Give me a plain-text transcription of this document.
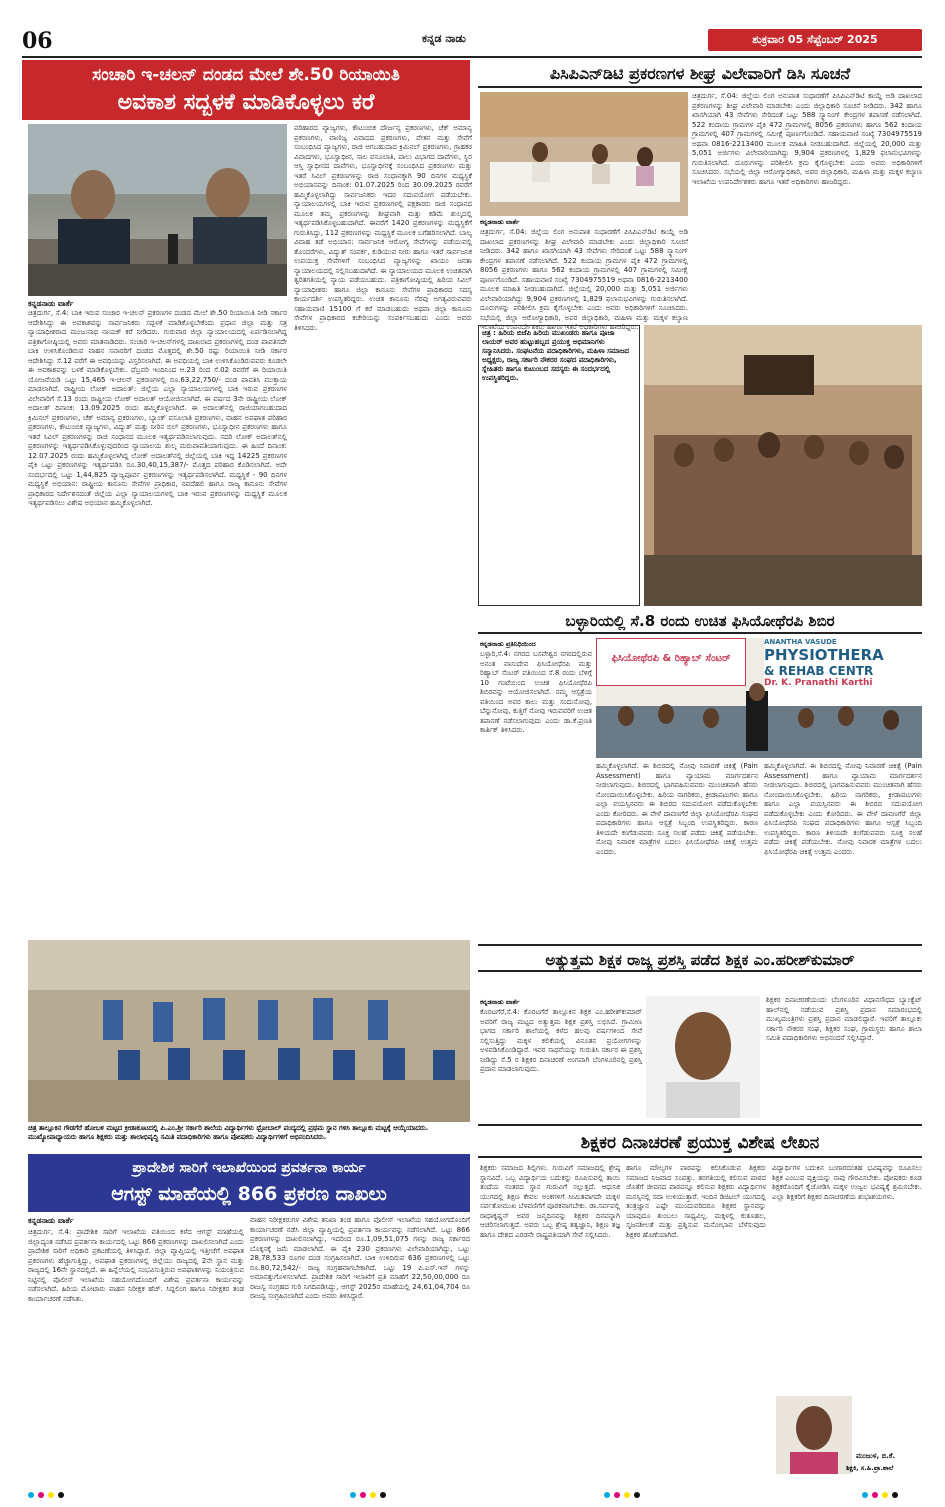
06	ಕನ್ನಡ ನಾಡು	ಶುಕ್ರವಾರ 05 ಸೆಪ್ಟೆಂಬರ್ 2025
ಸಂಚಾರಿ ಇ-ಚಲನ್ ದಂಡದ ಮೇಲೆ ಶೇ.50 ರಿಯಾಯಿತಿ
ಅವಕಾಶ ಸದ್ಬಳಕೆ ಮಾಡಿಕೊಳ್ಳಲು ಕರೆ
ಕನ್ನಡನಾಡು ವಾರ್ತೆ
ಚಿತ್ರದುರ್ಗ, ಸೆ.4: ಬಾಕಿ ಇರುವ ಸಂಚಾರ ಇ-ಚಲನ್ ಪ್ರಕರಣಗಳ ದಂಡದ ಮೇಲೆ ಶೇ.50 ರಿಯಾಯಿತಿ ನೀಡಿ ಸರ್ಕಾರ ಆದೇಶಿಸಿದ್ದು ಈ ಅವಕಾಶವನ್ನು ಸಾರ್ವಜನಿಕರು ಸದ್ಬಳಕೆ ಮಾಡಿಕೊಳ್ಳಬೇಕೆಂದು ಪ್ರಧಾನ ಜಿಲ್ಲಾ ಮತ್ತು ಸತ್ರ ನ್ಯಾಯಾಧೀಶರಾದ ಮಂಜುನಾಥ ನಾಯಕ್ ಕರೆ ನೀಡಿದರು. ಗುರುವಾರ ಜಿಲ್ಲಾ ನ್ಯಾಯಾಲಯದಲ್ಲಿ ಏರ್ಪಡಿಸಲಾಗಿದ್ದ ಪತ್ರಿಕಾಗೋಷ್ಠಿಯಲ್ಲಿ ಅವರು ಮಾತನಾಡಿದರು. ಸಂಚಾರಿ ಇ-ಚಲನ್‍ಗಳಲ್ಲಿ ದಾಖಲಾದ ಪ್ರಕರಣಗಳಲ್ಲಿ ದಂಡ ಪಾವತಿಸದೇ ಬಾಕಿ ಉಳಿಸಿಕೊಂಡಿರುವ ವಾಹನ ಸವಾರರಿಗೆ ದಂಡದ ಮೊತ್ತದಲ್ಲಿ ಶೇ.50 ರಷ್ಟು ರಿಯಾಯಿತಿ ನೀಡಿ ಸರ್ಕಾರ ಆದೇಶಿಸಿದ್ದು ಸೆ.12 ವರೆಗೆ ಈ ಅವಧಿಯನ್ನು ವಿಸ್ತರಿಸಲಾಗಿದೆ. ಈ ಅವಧಿಯಲ್ಲಿ ಬಾಕಿ ಉಳಿಸಿಕೊಂಡಿರುವವರು ಕೂಡಲೇ ಈ ಅವಕಾಶವನ್ನು ಬಳಕೆ ಮಾಡಿಕೊಳ್ಳಬೇಕು. ಫೆಬ್ರವರಿ ಇಂದಿನಿಂದ ಆ.23 ರಿಂದ ಸೆ.02 ರವರೆಗೆ ಈ ರಿಯಾಯಿತಿ ಯೋಜನೆಯಡಿ ಒಟ್ಟು 15,465 ಇ-ಚಲನ್ ಪ್ರಕರಣಗಳಲ್ಲಿ ರೂ.63,22,750/- ದಂಡ ಪಾವತಿಸಿ ಮುಕ್ತಾಯ ಮಾಡಲಾಗಿದೆ. ರಾಷ್ಟ್ರೀಯ ಲೋಕ್ ಅದಾಲತ್: ಜಿಲ್ಲೆಯ ಎಲ್ಲಾ ನ್ಯಾಯಾಲಯಗಳಲ್ಲಿ ಬಾಕಿ ಇರುವ ಪ್ರಕರಣಗಳ ವಿಲೇವಾರಿಗೆ ಸೆ.13 ರಂದು ರಾಷ್ಟ್ರೀಯ ಲೋಕ್ ಅದಾಲತ್ ಆಯೋಜಿಸಲಾಗಿದೆ. ಈ ವರ್ಷದ 3ನೇ ರಾಷ್ಟ್ರೀಯ ಲೋಕ್ ಅದಾಲತ್ ದಿನಾಂಕ: 13.09.2025 ರಂದು ಹಮ್ಮಿಕೊಳ್ಳಲಾಗಿದೆ. ಈ ಅದಾಲತ್‍ನಲ್ಲಿ ರಾಜಿಯಾಗಬಹುದಾದ ಕ್ರಿಮಿನಲ್ ಪ್ರಕರಣಗಳು, ಚೆಕ್ ಅಮಾನ್ಯ ಪ್ರಕರಣಗಳು, ಬ್ಯಾಂಕ್ ವಸೂಲಾತಿ ಪ್ರಕರಣಗಳು, ವಾಹನ ಅಪಘಾತ ಪರಿಹಾರ ಪ್ರಕರಣಗಳು, ಕೌಟುಂಬಿಕ ವ್ಯಾಜ್ಯಗಳು, ವಿದ್ಯುತ್ ಮತ್ತು ನೀರಿನ ಬಿಲ್ ಪ್ರಕರಣಗಳು, ಭೂಸ್ವಾಧೀನ ಪ್ರಕರಣಗಳು ಹಾಗೂ ಇತರೆ ಸಿವಿಲ್ ಪ್ರಕರಣಗಳನ್ನು ರಾಜಿ ಸಂಧಾನದ ಮೂಲಕ ಇತ್ಯರ್ಥಪಡಿಸಲಾಗುವುದು. ಸದರಿ ಲೋಕ್ ಅದಾಲತ್‍ನಲ್ಲಿ ಪ್ರಕರಣಗಳನ್ನು ಇತ್ಯರ್ಥಪಡಿಸಿಕೊಳ್ಳುವುದರಿಂದ ನ್ಯಾಯಾಲಯ ಶುಲ್ಕ ಮರುಪಾವತಿಯಾಗುವುದು. ಈ ಹಿಂದೆ ದಿನಾಂಕ: 12.07.2025 ರಂದು ಹಮ್ಮಿಕೊಳ್ಳಲಾಗಿದ್ದ ಲೋಕ್ ಅದಾಲತ್‍ನಲ್ಲಿ ಜಿಲ್ಲೆಯಲ್ಲಿ ಬಾಕಿ ಇದ್ದ 14225 ಪ್ರಕರಣಗಳ ಪೈಕಿ ಒಟ್ಟು ಪ್ರಕರಣಗಳನ್ನು ಇತ್ಯರ್ಥಪಡಿಸಿ ರೂ.30,40,15,387/- ಮೊತ್ತದ ಪರಿಹಾರ ಕೊಡಿಸಲಾಗಿದೆ. ಅದೇ ಸಂದರ್ಭದಲ್ಲಿ ಒಟ್ಟು 1,44,825 ವ್ಯಾಜ್ಯಪೂರ್ವ ಪ್ರಕರಣಗಳನ್ನು ಇತ್ಯರ್ಥಪಡಿಸಲಾಗಿದೆ. ಮಧ್ಯಸ್ಥಿಕೆ - 90 ದಿನಗಳ ಮಧ್ಯಸ್ಥಿಕೆ ಅಭಿಯಾನ: ರಾಷ್ಟ್ರೀಯ ಕಾನೂನು ಸೇವೆಗಳ ಪ್ರಾಧಿಕಾರ, ನವದೆಹಲಿ ಹಾಗೂ ರಾಜ್ಯ ಕಾನೂನು ಸೇವೆಗಳ ಪ್ರಾಧಿಕಾರದ ನಿರ್ದೇಶನದಂತೆ ಜಿಲ್ಲೆಯ ಎಲ್ಲಾ ನ್ಯಾಯಾಲಯಗಳಲ್ಲಿ ಬಾಕಿ ಇರುವ ಪ್ರಕರಣಗಳನ್ನು ಮಧ್ಯಸ್ಥಿಕೆ ಮೂಲಕ ಇತ್ಯರ್ಥಪಡಿಸಲು ವಿಶೇಷ ಅಭಿಯಾನ ಹಮ್ಮಿಕೊಳ್ಳಲಾಗಿದೆ.
ಪರಿಹಾರದ ವ್ಯಾಜ್ಯಗಳು, ಕೌಟುಂಬಿಕ ದೌರ್ಜನ್ಯ ಪ್ರಕರಣಗಳು, ಚೆಕ್ ಅಮಾನ್ಯ ಪ್ರಕರಣಗಳು, ವಾಣಿಜ್ಯ ವಿವಾದದ ಪ್ರಕರಣಗಳು, ವೇತನ ಮತ್ತು ಸೇವೆಗೆ ಸಂಬಂಧಿಸಿದ ವ್ಯಾಜ್ಯಗಳು, ರಾಜಿ ಆಗಬಹುದಾದ ಕ್ರಿಮಿನಲ್ ಪ್ರಕರಣಗಳು, ಗ್ರಾಹಕರ ವಿವಾದಗಳು, ಭೂಸ್ವಾಧೀನ, ಸಾಲ ವಸೂಲಾತಿ, ಪಾಲು ವಿಭಾಗದ ದಾವೆಗಳು, ಸ್ಥಿರ ಆಸ್ತಿ ಸ್ವಾಧೀನದ ದಾವೆಗಳು, ಭೂಸ್ವಾಧೀನಕ್ಕೆ ಸಂಬಂಧಿಸಿದ ಪ್ರಕರಣಗಳು ಮತ್ತು ಇತರೆ ಸಿವಿಲ್ ಪ್ರಕರಣಗಳನ್ನು ರಾಜಿ ಸಂಧಾನಕ್ಕಾಗಿ 90 ದಿನಗಳ ಮಧ್ಯಸ್ಥಿಕೆ ಅಭಿಯಾನವನ್ನು ದಿನಾಂಕ: 01.07.2025 ರಿಂದ 30.09.2025 ರವರೆಗೆ ಹಮ್ಮಿಕೊಳ್ಳಲಾಗಿದ್ದು ಸಾರ್ವಜನಿಕರು ಇದರ ಸದುಪಯೋಗ ಪಡೆಯಬೇಕು. ನ್ಯಾಯಾಲಯಗಳಲ್ಲಿ ಬಾಕಿ ಇರುವ ಪ್ರಕರಣಗಳಲ್ಲಿ ಪಕ್ಷಕಾರರು ರಾಜಿ ಸಂಧಾನದ ಮೂಲಕ ತಮ್ಮ ಪ್ರಕರಣಗಳನ್ನು ಶೀಘ್ರವಾಗಿ ಮತ್ತು ಕಡಿಮೆ ಶುಲ್ಕದಲ್ಲಿ ಇತ್ಯರ್ಥಪಡಿಸಿಕೊಳ್ಳಬಹುದಾಗಿದೆ. ಈವರೆಗೆ 1420 ಪ್ರಕರಣಗಳನ್ನು ಮಧ್ಯಸ್ಥಿಕೆಗೆ ಗುರುತಿಸಿದ್ದು, 112 ಪ್ರಕರಣಗಳನ್ನು ಮಧ್ಯಸ್ಥಿಕೆ ಮೂಲಕ ಬಗೆಹರಿಸಲಾಗಿದೆ. ಬಾಲ್ಯ ವಿವಾಹ ತಡೆ ಅಭಿಯಾನ: ಸಾರ್ವಜನಿಕ ಆರೋಗ್ಯ ಸೇವೆಗಳನ್ನು ಪಡೆಯುವಲ್ಲಿ ತೊಂದರೆಗಳು, ವಿದ್ಯುತ್ ಸಂಪರ್ಕ, ಕುಡಿಯುವ ನೀರು ಹಾಗೂ ಇತರೆ ಸಾರ್ವಜನಿಕ ಉಪಯುಕ್ತ ಸೇವೆಗಳಿಗೆ ಸಂಬಂಧಿಸಿದ ವ್ಯಾಜ್ಯಗಳನ್ನು ಖಾಯಂ ಜನತಾ ನ್ಯಾಯಾಲಯದಲ್ಲಿ ಸಲ್ಲಿಸಬಹುದಾಗಿದೆ. ಈ ನ್ಯಾಯಾಲಯದ ಮೂಲಕ ಉಚಿತವಾಗಿ ತ್ವರಿತಗತಿಯಲ್ಲಿ ನ್ಯಾಯ ಪಡೆಯಬಹುದು. ಪತ್ರಿಕಾಗೋಷ್ಠಿಯಲ್ಲಿ ಹಿರಿಯ ಸಿವಿಲ್ ನ್ಯಾಯಾಧೀಶರು ಹಾಗೂ ಜಿಲ್ಲಾ ಕಾನೂನು ಸೇವೆಗಳ ಪ್ರಾಧಿಕಾರದ ಸದಸ್ಯ ಕಾರ್ಯದರ್ಶಿ ಉಪಸ್ಥಿತರಿದ್ದರು. ಉಚಿತ ಕಾನೂನು ನೆರವು ಅಗತ್ಯವಿರುವವರು ಸಹಾಯವಾಣಿ 15100 ಗೆ ಕರೆ ಮಾಡಬಹುದು ಅಥವಾ ಜಿಲ್ಲಾ ಕಾನೂನು ಸೇವೆಗಳ ಪ್ರಾಧಿಕಾರದ ಕಚೇರಿಯನ್ನು ಸಂಪರ್ಕಿಸಬಹುದು ಎಂದು ಅವರು ತಿಳಿಸಿದರು.
ಪಿಸಿಪಿಎನ್‍ಡಿಟಿ ಪ್ರಕರಣಗಳ ಶೀಘ್ರ ವಿಲೇವಾರಿಗೆ ಡಿಸಿ ಸೂಚನೆ
ಕನ್ನಡನಾಡು ವಾರ್ತೆ
ಚಿತ್ರದುರ್ಗ, ಸೆ.04: ಜಿಲ್ಲೆಯ ಲಿಂಗ ಅನುಪಾತ ಸುಧಾರಣೆಗೆ ಪಿಸಿಪಿಎನ್‍ಡಿಟಿ ಕಾಯ್ದೆ ಅಡಿ ದಾಖಲಾದ ಪ್ರಕರಣಗಳನ್ನು ಶೀಘ್ರ ವಿಲೇವಾರಿ ಮಾಡಬೇಕು ಎಂದು ಜಿಲ್ಲಾಧಿಕಾರಿ ಸೂಚನೆ ನೀಡಿದರು. 342 ಹಾಗೂ ಖಾಸಗಿಯಾಗಿ 43 ಸೇವೆಗಳು ಸೇರಿದಂತೆ ಒಟ್ಟು 588 ಸ್ಕ್ಯಾನಿಂಗ್ ಕೇಂದ್ರಗಳ ತಪಾಸಣೆ ನಡೆಸಲಾಗಿದೆ. 522 ಕಂದಾಯ ಗ್ರಾಮಗಳ ಪೈಕಿ 472 ಗ್ರಾಮಗಳಲ್ಲಿ 8056 ಪ್ರಕರಣಗಳು ಹಾಗೂ 562 ಕಂದಾಯ ಗ್ರಾಮಗಳಲ್ಲಿ 407 ಗ್ರಾಮಗಳಲ್ಲಿ ಸಮೀಕ್ಷೆ ಪೂರ್ಣಗೊಂಡಿದೆ. ಸಹಾಯವಾಣಿ ಸಂಖ್ಯೆ 7304975519 ಅಥವಾ 0816-2213400 ಮೂಲಕ ಮಾಹಿತಿ ನೀಡಬಹುದಾಗಿದೆ. ಜಿಲ್ಲೆಯಲ್ಲಿ 20,000 ಮತ್ತು 5,051 ಅರ್ಜಿಗಳು ವಿಲೇವಾರಿಯಾಗಿದ್ದು 9,904 ಪ್ರಕರಣಗಳಲ್ಲಿ 1,829 ಫಲಾನುಭವಿಗಳನ್ನು ಗುರುತಿಸಲಾಗಿದೆ. ದೂರುಗಳನ್ನು ಪರಿಶೀಲಿಸಿ ಕ್ರಮ ಕೈಗೊಳ್ಳಬೇಕು ಎಂದು ಅವರು ಅಧಿಕಾರಿಗಳಿಗೆ ಸೂಚಿಸಿದರು. ಸಭೆಯಲ್ಲಿ ಜಿಲ್ಲಾ ಆರೋಗ್ಯಾಧಿಕಾರಿ, ಅಪರ ಜಿಲ್ಲಾಧಿಕಾರಿ, ಮಹಿಳಾ ಮತ್ತು ಮಕ್ಕಳ ಕಲ್ಯಾಣ ಇಲಾಖೆಯ ಉಪನಿರ್ದೇಶಕರು ಹಾಗೂ ಇತರೆ ಅಧಿಕಾರಿಗಳು ಹಾಜರಿದ್ದರು.
ಚಿತ್ರದುರ್ಗ, ಸೆ.04: ಜಿಲ್ಲೆಯ ಲಿಂಗ ಅನುಪಾತ ಸುಧಾರಣೆಗೆ ಪಿಸಿಪಿಎನ್‍ಡಿಟಿ ಕಾಯ್ದೆ ಅಡಿ ದಾಖಲಾದ ಪ್ರಕರಣಗಳನ್ನು ಶೀಘ್ರ ವಿಲೇವಾರಿ ಮಾಡಬೇಕು ಎಂದು ಜಿಲ್ಲಾಧಿಕಾರಿ ಸೂಚನೆ ನೀಡಿದರು. 342 ಹಾಗೂ ಖಾಸಗಿಯಾಗಿ 43 ಸೇವೆಗಳು ಸೇರಿದಂತೆ ಒಟ್ಟು 588 ಸ್ಕ್ಯಾನಿಂಗ್ ಕೇಂದ್ರಗಳ ತಪಾಸಣೆ ನಡೆಸಲಾಗಿದೆ. 522 ಕಂದಾಯ ಗ್ರಾಮಗಳ ಪೈಕಿ 472 ಗ್ರಾಮಗಳಲ್ಲಿ 8056 ಪ್ರಕರಣಗಳು ಹಾಗೂ 562 ಕಂದಾಯ ಗ್ರಾಮಗಳಲ್ಲಿ 407 ಗ್ರಾಮಗಳಲ್ಲಿ ಸಮೀಕ್ಷೆ ಪೂರ್ಣಗೊಂಡಿದೆ. ಸಹಾಯವಾಣಿ ಸಂಖ್ಯೆ 7304975519 ಅಥವಾ 0816-2213400 ಮೂಲಕ ಮಾಹಿತಿ ನೀಡಬಹುದಾಗಿದೆ. ಜಿಲ್ಲೆಯಲ್ಲಿ 20,000 ಮತ್ತು 5,051 ಅರ್ಜಿಗಳು ವಿಲೇವಾರಿಯಾಗಿದ್ದು 9,904 ಪ್ರಕರಣಗಳಲ್ಲಿ 1,829 ಫಲಾನುಭವಿಗಳನ್ನು ಗುರುತಿಸಲಾಗಿದೆ. ದೂರುಗಳನ್ನು ಪರಿಶೀಲಿಸಿ ಕ್ರಮ ಕೈಗೊಳ್ಳಬೇಕು ಎಂದು ಅವರು ಅಧಿಕಾರಿಗಳಿಗೆ ಸೂಚಿಸಿದರು. ಸಭೆಯಲ್ಲಿ ಜಿಲ್ಲಾ ಆರೋಗ್ಯಾಧಿಕಾರಿ, ಅಪರ ಜಿಲ್ಲಾಧಿಕಾರಿ, ಮಹಿಳಾ ಮತ್ತು ಮಕ್ಕಳ ಕಲ್ಯಾಣ ಇಲಾಖೆಯ ಉಪನಿರ್ದೇಶಕರು ಹಾಗೂ ಇತರೆ ಅಧಿಕಾರಿಗಳು ಹಾಜರಿದ್ದರು.
ಚಿತ್ರ : ಹಿರಿಯ ಬಿಜೆಪಿ ಹಿರಿಯ ಮುಖಂಡರು ಹಾಗೂ ಪೂಜಾ ಲಾಯರ್ ಅವರ ಹುಟ್ಟುಹಬ್ಬದ ಪ್ರಯುಕ್ತ ಅಭಿಮಾನಿಗಳು ಸನ್ಮಾನಿಸಿದರು. ಸಂಘಟನೆಯ ಪದಾಧಿಕಾರಿಗಳು, ಮಹಿಳಾ ಸಮಾಜದ ಅಧ್ಯಕ್ಷರು, ರಾಜ್ಯ ಸರ್ಕಾರಿ ನೌಕರರ ಸಂಘದ ಪದಾಧಿಕಾರಿಗಳು, ಸ್ನೇಹಿತರು ಹಾಗೂ ಕುಟುಂಬದ ಸದಸ್ಯರು ಈ ಸಂದರ್ಭದಲ್ಲಿ ಉಪಸ್ಥಿತರಿದ್ದರು.
ಬಳ್ಳಾರಿಯಲ್ಲಿ ಸೆ.8 ರಂದು ಉಚಿತ ಫಿಸಿಯೋಥೆರಪಿ ಶಿಬಿರ
ಕನ್ನಡನಾಡು ಪ್ರತಿನಿಧಿಯಿಂದ
ಬಳ್ಳಾರಿ,ಸೆ.4: ನಗರದ ಬಸವೇಶ್ವರ ನಗರದಲ್ಲಿರುವ ಅನಂತ ವಾಸುದೇವ ಫಿಸಿಯೋಥೆರಪಿ ಮತ್ತು ರಿಹ್ಯಾಬ್ ಸೆಂಟರ್ ವತಿಯಿಂದ ಸೆ.8 ರಂದು ಬೆಳಿಗ್ಗೆ 10 ಗಂಟೆಯಿಂದ ಉಚಿತ ಫಿಸಿಯೋಥೆರಪಿ ಶಿಬಿರವನ್ನು ಆಯೋಜಿಸಲಾಗಿದೆ. ನಮ್ಮ ಆಸ್ಪತ್ರೆಯ ವತಿಯಿಂದ ಅವರ ಕಾಲು ಮತ್ತು ಸಂದುನೋವು, ಬೆನ್ನುನೋವು, ಕುತ್ತಿಗೆ ನೋವು ಇರುವವರಿಗೆ ಉಚಿತ ತಪಾಸಣೆ ನಡೆಸಲಾಗುವುದು ಎಂದು ಡಾ.ಕೆ.ಪ್ರಣತಿ ಕಾರ್ತಿಕ್ ತಿಳಿಸಿದರು.
ಫಿಸಿಯೋಥೆರಪಿ & ರಿಹ್ಯಾಬ್ ಸೆಂಟರ್
ANANTHA VASUDE
PHYSIOTHERA
& REHAB CENTR
Dr. K. Pranathi Karthi
ಹಮ್ಮಿಕೊಳ್ಳಲಾಗಿದೆ. ಈ ಶಿಬಿರದಲ್ಲಿ ನೋವು ನಿವಾರಣೆ ಚಿಕಿತ್ಸೆ (Pain Assessment) ಹಾಗೂ ವ್ಯಾಯಾಮ ಮಾರ್ಗದರ್ಶನ ನೀಡಲಾಗುವುದು. ಶಿಬಿರದಲ್ಲಿ ಭಾಗವಹಿಸುವವರು ಮುಂಚಿತವಾಗಿ ಹೆಸರು ನೋಂದಾಯಿಸಿಕೊಳ್ಳಬೇಕು. ಹಿರಿಯ ನಾಗರಿಕರು, ಕ್ರೀಡಾಪಟುಗಳು ಹಾಗೂ ಎಲ್ಲಾ ವಯಸ್ಸಿನವರು ಈ ಶಿಬಿರದ ಸದುಪಯೋಗ ಪಡೆದುಕೊಳ್ಳಬೇಕು ಎಂದು ಕೋರಿದರು. ಈ ವೇಳೆ ದಾವಣಗೆರೆ ಜಿಲ್ಲಾ ಫಿಸಿಯೋಥೆರಪಿ ಸಂಘದ ಪದಾಧಿಕಾರಿಗಳು ಹಾಗೂ ಆಸ್ಪತ್ರೆ ಸಿಬ್ಬಂದಿ ಉಪಸ್ಥಿತರಿದ್ದರು. ಕಾರಣ ತಿಳಿಯದೇ ಕಂಗೆಡುವವರು ಸೂಕ್ತ ಸಲಹೆ ಪಡೆದು ಚಿಕಿತ್ಸೆ ಪಡೆಯಬೇಕು. ನೋವು ನಿವಾರಕ ಮಾತ್ರೆಗಳ ಬದಲು ಫಿಸಿಯೋಥೆರಪಿ ಚಿಕಿತ್ಸೆ ಉತ್ತಮ ಎಂದರು.
ಹಮ್ಮಿಕೊಳ್ಳಲಾಗಿದೆ. ಈ ಶಿಬಿರದಲ್ಲಿ ನೋವು ನಿವಾರಣೆ ಚಿಕಿತ್ಸೆ (Pain Assessment) ಹಾಗೂ ವ್ಯಾಯಾಮ ಮಾರ್ಗದರ್ಶನ ನೀಡಲಾಗುವುದು. ಶಿಬಿರದಲ್ಲಿ ಭಾಗವಹಿಸುವವರು ಮುಂಚಿತವಾಗಿ ಹೆಸರು ನೋಂದಾಯಿಸಿಕೊಳ್ಳಬೇಕು. ಹಿರಿಯ ನಾಗರಿಕರು, ಕ್ರೀಡಾಪಟುಗಳು ಹಾಗೂ ಎಲ್ಲಾ ವಯಸ್ಸಿನವರು ಈ ಶಿಬಿರದ ಸದುಪಯೋಗ ಪಡೆದುಕೊಳ್ಳಬೇಕು ಎಂದು ಕೋರಿದರು. ಈ ವೇಳೆ ದಾವಣಗೆರೆ ಜಿಲ್ಲಾ ಫಿಸಿಯೋಥೆರಪಿ ಸಂಘದ ಪದಾಧಿಕಾರಿಗಳು ಹಾಗೂ ಆಸ್ಪತ್ರೆ ಸಿಬ್ಬಂದಿ ಉಪಸ್ಥಿತರಿದ್ದರು. ಕಾರಣ ತಿಳಿಯದೇ ಕಂಗೆಡುವವರು ಸೂಕ್ತ ಸಲಹೆ ಪಡೆದು ಚಿಕಿತ್ಸೆ ಪಡೆಯಬೇಕು. ನೋವು ನಿವಾರಕ ಮಾತ್ರೆಗಳ ಬದಲು ಫಿಸಿಯೋಥೆರಪಿ ಚಿಕಿತ್ಸೆ ಉತ್ತಮ ಎಂದರು.
ಚಿತ್ರ ತಾಲ್ಲೂಕಿನ ಗೌಡಗೆರೆ ಹೋಬಳಿ ಮಟ್ಟದ ಕ್ರೀಡಾಕೂಟದಲ್ಲಿ ಪಿ.ಎಂ.ಶ್ರೀ ಸರ್ಕಾರಿ ಶಾಲೆಯ ವಿದ್ಯಾರ್ಥಿಗಳು ಥ್ರೋಬಾಲ್ ಪಂದ್ಯದಲ್ಲಿ ಪ್ರಥಮ ಸ್ಥಾನ ಗಳಿಸಿ ತಾಲ್ಲೂಕು ಮಟ್ಟಕ್ಕೆ ಆಯ್ಕೆಯಾದರು. ಮುಖ್ಯೋಪಾಧ್ಯಾಯರು ಹಾಗೂ ಶಿಕ್ಷಕರು ಮತ್ತು ಶಾಲಾಭಿವೃದ್ಧಿ ಸಮಿತಿ ಪದಾಧಿಕಾರಿಗಳು ಹಾಗೂ ಪೋಷಕರು ವಿದ್ಯಾರ್ಥಿಗಳಿಗೆ ಅಭಿನಂದಿಸಿದರು.
ಅತ್ಯುತ್ತಮ ಶಿಕ್ಷಕ ರಾಜ್ಯ ಪ್ರಶಸ್ತಿ ಪಡೆದ ಶಿಕ್ಷಕ ಎಂ.ಹರೀಶ್‍ಕುಮಾರ್
ಕನ್ನಡನಾಡು ವಾರ್ತೆ
ಕೊರಟಗೆರೆ,ಸೆ.4: ಕೊರಟಗೆರೆ ತಾಲ್ಲೂಕಿನ ಶಿಕ್ಷಕ ಎಂ.ಹರೀಶ್‍ಕುಮಾರ್ ಅವರಿಗೆ ರಾಜ್ಯ ಮಟ್ಟದ ಅತ್ಯುತ್ತಮ ಶಿಕ್ಷಕ ಪ್ರಶಸ್ತಿ ಲಭಿಸಿದೆ. ಗ್ರಾಮೀಣ ಭಾಗದ ಸರ್ಕಾರಿ ಶಾಲೆಯಲ್ಲಿ ಕಳೆದ ಹಲವು ವರ್ಷಗಳಿಂದ ಸೇವೆ ಸಲ್ಲಿಸುತ್ತಿದ್ದು ಮಕ್ಕಳ ಕಲಿಕೆಯಲ್ಲಿ ವಿನೂತನ ಪ್ರಯೋಗಗಳನ್ನು ಅಳವಡಿಸಿಕೊಂಡಿದ್ದಾರೆ. ಇವರ ಸಾಧನೆಯನ್ನು ಗುರುತಿಸಿ ಸರ್ಕಾರ ಈ ಪ್ರಶಸ್ತಿ ನೀಡಿದ್ದು ಸೆ.5 ರ ಶಿಕ್ಷಕರ ದಿನಾಚರಣೆ ಅಂಗವಾಗಿ ಬೆಂಗಳೂರಿನಲ್ಲಿ ಪ್ರಶಸ್ತಿ ಪ್ರದಾನ ಮಾಡಲಾಗುವುದು.
ಶಿಕ್ಷಕರ ದಿನಾಚರಣೆಯಂದು ಬೆಂಗಳೂರಿನ ವಿಧಾನಸೌಧದ ಬ್ಯಾಂಕ್ವೆಟ್ ಹಾಲ್‍ನಲ್ಲಿ ನಡೆಯುವ ಪ್ರಶಸ್ತಿ ಪ್ರದಾನ ಸಮಾರಂಭದಲ್ಲಿ ಮುಖ್ಯಮಂತ್ರಿಗಳು ಪ್ರಶಸ್ತಿ ಪ್ರದಾನ ಮಾಡಲಿದ್ದಾರೆ. ಇವರಿಗೆ ತಾಲ್ಲೂಕು ಸರ್ಕಾರಿ ನೌಕರರ ಸಂಘ, ಶಿಕ್ಷಕರ ಸಂಘ, ಗ್ರಾಮಸ್ಥರು ಹಾಗೂ ಶಾಲಾ ಸಮಿತಿ ಪದಾಧಿಕಾರಿಗಳು ಅಭಿನಂದನೆ ಸಲ್ಲಿಸಿದ್ದಾರೆ.
ಪ್ರಾದೇಶಿಕ ಸಾರಿಗೆ ಇಲಾಖೆಯಿಂದ ಪ್ರವರ್ತನಾ ಕಾರ್ಯ
ಆಗಸ್ಟ್ ಮಾಹೆಯಲ್ಲಿ 866 ಪ್ರಕರಣ ದಾಖಲು
ಕನ್ನಡನಾಡು ವಾರ್ತೆ
ಚಿತ್ರದುರ್ಗ, ಸೆ.4: ಪ್ರಾದೇಶಿಕ ಸಾರಿಗೆ ಇಲಾಖೆಯ ವತಿಯಿಂದ ಕಳೆದ ಆಗಸ್ಟ್ ಮಾಹೆಯಲ್ಲಿ ಜಿಲ್ಲಾದ್ಯಂತ ನಡೆಸಿದ ಪ್ರವರ್ತನಾ ಕಾರ್ಯದಲ್ಲಿ ಒಟ್ಟು 866 ಪ್ರಕರಣಗಳನ್ನು ದಾಖಲಿಸಲಾಗಿದೆ ಎಂದು ಪ್ರಾದೇಶಿಕ ಸಾರಿಗೆ ಅಧಿಕಾರಿ ಪ್ರಕಟಣೆಯಲ್ಲಿ ತಿಳಿಸಿದ್ದಾರೆ. ಜಿಲ್ಲಾ ವ್ಯಾಪ್ತಿಯಲ್ಲಿ ಇತ್ತೀಚೆಗೆ ಅಪಘಾತ ಪ್ರಕರಣಗಳು ಹೆಚ್ಚಾಗುತ್ತಿದ್ದು, ಅಪಘಾತ ಪ್ರಕರಣಗಳಲ್ಲಿ ಜಿಲ್ಲೆಯು ರಾಜ್ಯದಲ್ಲಿ 2ನೇ ಸ್ಥಾನ ಮತ್ತು ರಾಜ್ಯದಲ್ಲಿ 16ನೇ ಸ್ಥಾನದಲ್ಲಿದೆ. ಈ ಹಿನ್ನೆಲೆಯಲ್ಲಿ ಸಂಭವಿಸುತ್ತಿರುವ ಅಪಘಾತಗಳನ್ನು ನಿಯಂತ್ರಿಸುವ ನಿಟ್ಟಿನಲ್ಲಿ ಪೊಲೀಸ್ ಇಲಾಖೆಯ ಸಹಯೋಗದೊಂದಿಗೆ ವಿಶೇಷ ಪ್ರವರ್ತನಾ ಕಾರ್ಯವನ್ನು ನಡೆಸಲಾಗಿದೆ. ಹಿರಿಯ ಮೋಟಾರು ವಾಹನ ನಿರೀಕ್ಷಕ ಹೆಚ್. ಸಿದ್ದಲಿಂಗ ಹಾಗೂ ನಿರೀಕ್ಷಕರ ತಂಡ ಕಾರ್ಯಾಚರಣೆ ನಡೆಸಿತು.
ವಾಹನ ನಿರೀಕ್ಷಕರುಗಳ ವಿಶೇಷ ತನಿಖಾ ತಂಡ ಹಾಗೂ ಪೊಲೀಸ್ ಇಲಾಖೆಯ ಸಹಯೋಗದೊಂದಿಗೆ ಕಾರ್ಯಾಚರಣೆ ನಡೆಸಿ ಜಿಲ್ಲಾ ವ್ಯಾಪ್ತಿಯಲ್ಲಿ ಪ್ರವರ್ತನಾ ಕಾರ್ಯವನ್ನು ನಡೆಸಲಾಗಿದೆ. ಒಟ್ಟು 866 ಪ್ರಕರಣಗಳನ್ನು ದಾಖಲಿಸಲಾಗಿದ್ದು, ಇದರಿಂದ ರೂ.1,09,51,075 ಗಳನ್ನು ರಾಜ್ಯ ಸರ್ಕಾರದ ಬೊಕ್ಕಸಕ್ಕೆ ಜಮೆ ಮಾಡಲಾಗಿದೆ. ಈ ಪೈಕಿ 230 ಪ್ರಕರಣಗಳು ವಿಲೇವಾರಿಯಾಗಿದ್ದು, ಒಟ್ಟು 28,78,533 ರೂಗಳ ದಂಡ ಸಂಗ್ರಹಿಸಲಾಗಿದೆ. ಬಾಕಿ ಉಳಿದಿರುವ 636 ಪ್ರಕರಣಗಳಲ್ಲಿ ಒಟ್ಟು ರೂ.80,72,542/- ರಾಜ್ಯ ಸಂಗ್ರಹವಾಗಬೇಕಾಗಿದೆ. ಒಟ್ಟು 19 ಪಿ.ಎಸ್.ಇನ್ ಗಳನ್ನು ಅಮಾನತ್ತುಗೊಳಿಸಲಾಗಿದೆ. ಪ್ರಾದೇಶಿಕ ಸಾರಿಗೆ ಇಲಾಖೆಗೆ ಪ್ರತಿ ಮಾಹೆಗೆ 22,50,00,000 ರೂ ರಾಜಸ್ವ ಸಂಗ್ರಹದ ಗುರಿ ನಿಗದಿಪಡಿಸಿದ್ದು, ಆಗಸ್ಟ್ 2025ರ ಮಾಹೆಯಲ್ಲಿ 24,61,04,704 ರೂ ರಾಜಸ್ವ ಸಂಗ್ರಹಿಸಲಾಗಿದೆ ಎಂದು ಅವರು ತಿಳಿಸಿದ್ದಾರೆ.
ಶಿಕ್ಷಕರ ದಿನಾಚರಣೆ ಪ್ರಯುಕ್ತ ವಿಶೇಷ ಲೇಖನ
ಶಿಕ್ಷಕರು ಸಮಾಜದ ಶಿಲ್ಪಿಗಳು. ಗುರುವಿಗೆ ಸಮಾಜದಲ್ಲಿ ಶ್ರೇಷ್ಠ ಸ್ಥಾನವಿದೆ. ಒಬ್ಬ ವಿದ್ಯಾರ್ಥಿಯ ಬದುಕನ್ನು ರೂಪಿಸುವಲ್ಲಿ ತಾಯಿ ತಂದೆಯ ನಂತರದ ಸ್ಥಾನ ಗುರುವಿಗೆ ಸಲ್ಲುತ್ತದೆ. ಆಧುನಿಕ ಯುಗದಲ್ಲಿ ಶಿಕ್ಷಣ ಕೇವಲ ಅಂಕಗಳಿಗೆ ಸೀಮಿತವಾಗದೇ ಮಕ್ಕಳ ಸರ್ವತೋಮುಖ ಬೆಳವಣಿಗೆಗೆ ಪೂರಕವಾಗಬೇಕು. ಡಾ.ಸರ್ವಪಲ್ಲಿ ರಾಧಾಕೃಷ್ಣನ್ ಅವರ ಜನ್ಮದಿನವನ್ನು ಶಿಕ್ಷಕರ ದಿನವನ್ನಾಗಿ ಆಚರಿಸಲಾಗುತ್ತದೆ. ಅವರು ಒಬ್ಬ ಶ್ರೇಷ್ಠ ತತ್ವಜ್ಞಾನಿ, ಶಿಕ್ಷಣ ತಜ್ಞ ಹಾಗೂ ದೇಶದ ಎರಡನೇ ರಾಷ್ಟ್ರಪತಿಯಾಗಿ ಸೇವೆ ಸಲ್ಲಿಸಿದರು.
ಹಾಗೂ ಮೌಲ್ಯಗಳ ಪಾಠವನ್ನು ಕಲಿಸಿಕೊಡುವ ಶಿಕ್ಷಕರು ಸಮಾಜದ ನಿಜವಾದ ಸಂಪತ್ತು. ತರಗತಿಯಲ್ಲಿ ಕಲಿಸುವ ಪಾಠದ ಜೊತೆಗೆ ಜೀವನದ ಪಾಠವನ್ನೂ ಕಲಿಸುವ ಶಿಕ್ಷಕರು ವಿದ್ಯಾರ್ಥಿಗಳ ಮನಸ್ಸಿನಲ್ಲಿ ಸದಾ ಉಳಿಯುತ್ತಾರೆ. ಇಂದಿನ ಡಿಜಿಟಲ್ ಯುಗದಲ್ಲಿ ತಂತ್ರಜ್ಞಾನ ಎಷ್ಟೇ ಮುಂದುವರಿದರೂ ಶಿಕ್ಷಕರ ಸ್ಥಾನವನ್ನು ಯಾವುದೂ ತುಂಬಲು ಸಾಧ್ಯವಿಲ್ಲ. ಮಕ್ಕಳಲ್ಲಿ ಕುತೂಹಲ, ಸೃಜನಶೀಲತೆ ಮತ್ತು ಪ್ರಶ್ನಿಸುವ ಮನೋಭಾವ ಬೆಳೆಸುವುದು ಶಿಕ್ಷಕರ ಹೊಣೆಯಾಗಿದೆ.
ವಿದ್ಯಾರ್ಥಿಗಳ ಬದುಕಿನ ಬಂಗಾರದಂತಹ ಭವಿಷ್ಯವನ್ನು ರೂಪಿಸಲು ಶಿಕ್ಷಕ ಎಂಬುವ ವ್ಯಕ್ತಿಯನ್ನು ನಾವು ಗೌರವಿಸಬೇಕು. ಪೋಷಕರು ಕೂಡ ಶಿಕ್ಷಕರೊಂದಿಗೆ ಕೈಜೋಡಿಸಿ ಮಕ್ಕಳ ಉಜ್ವಲ ಭವಿಷ್ಯಕ್ಕೆ ಶ್ರಮಿಸಬೇಕು. ಎಲ್ಲಾ ಶಿಕ್ಷಕರಿಗೆ ಶಿಕ್ಷಕರ ದಿನಾಚರಣೆಯ ಶುಭಾಶಯಗಳು.
ಮಂಜುಳ, ಬಿ.ಕೆ.
ಶಿಕ್ಷಕಿ, ಸ.ಹಿ.ಪ್ರಾ.ಶಾಲೆ
